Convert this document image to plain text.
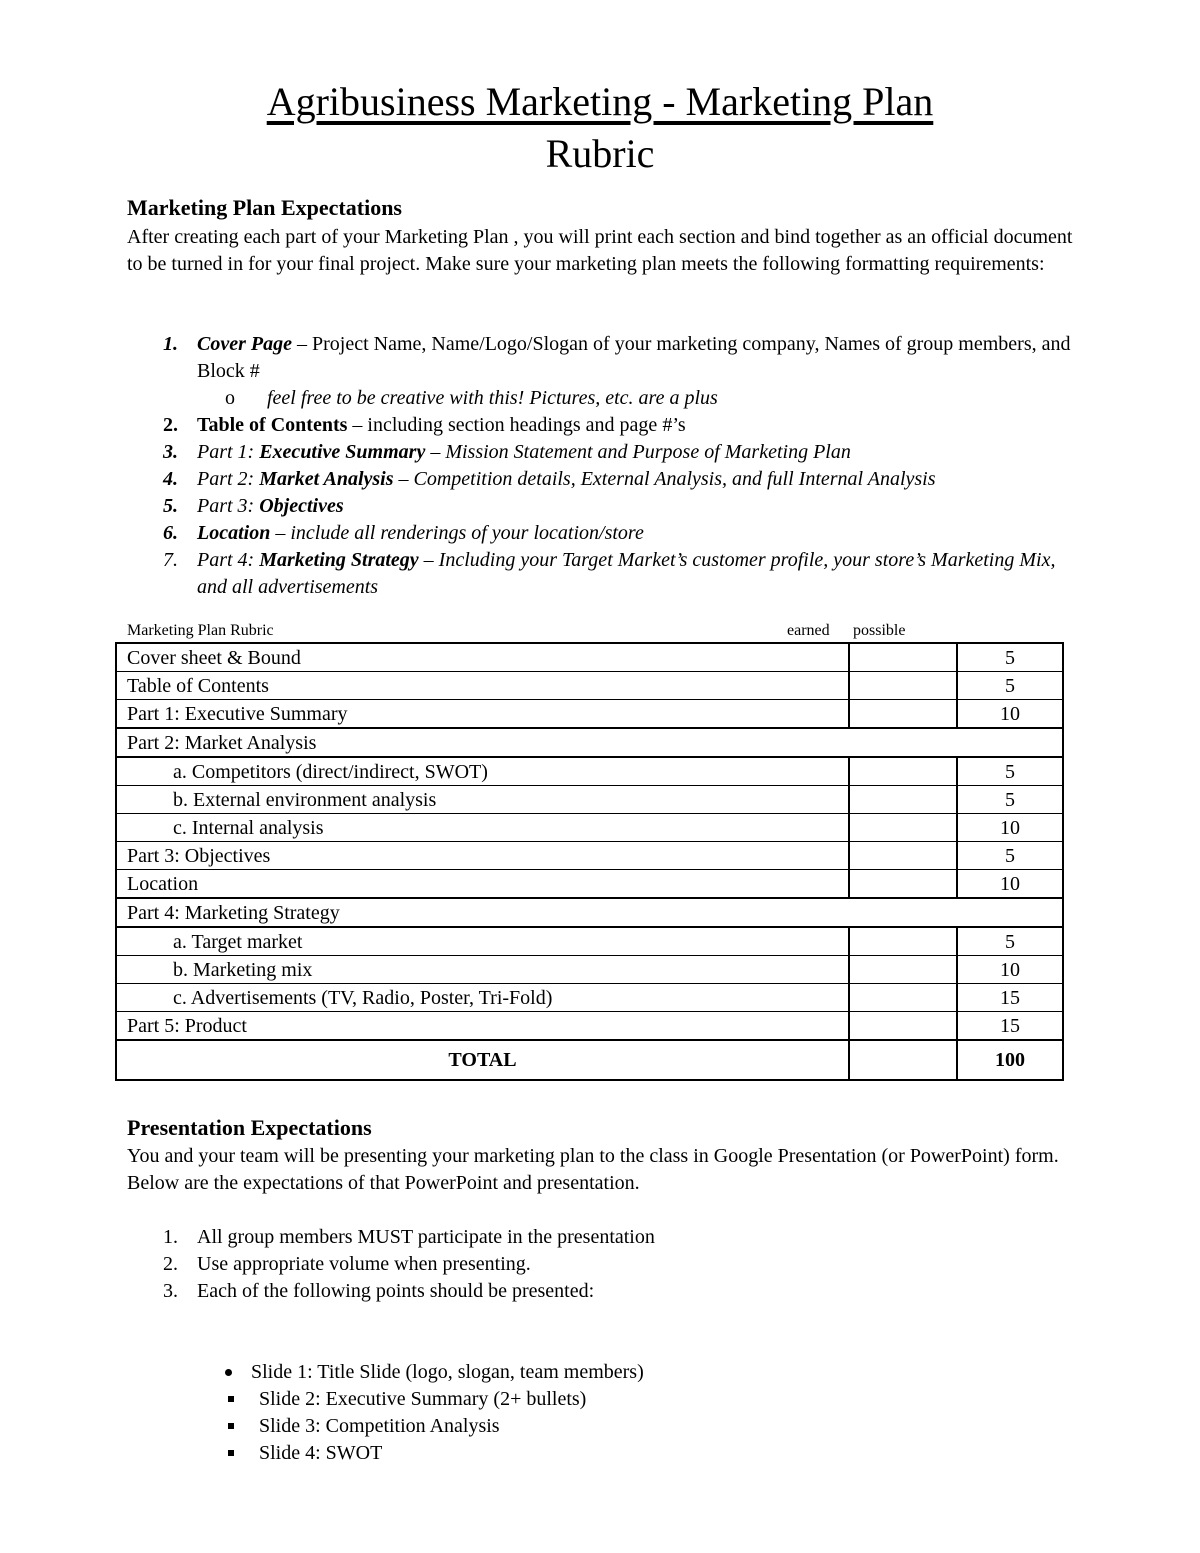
Agribusiness Marketing - Marketing Plan
Rubric
Marketing Plan Expectations
After creating each part of your Marketing Plan , you will print each section and bind together as an official document to be turned in for your final project. Make sure your marketing plan meets the following formatting requirements:
1. Cover Page – Project Name, Name/Logo/Slogan of your marketing company, Names of group members, and Block #
o feel free to be creative with this! Pictures, etc. are a plus
2. Table of Contents – including section headings and page #’s
3. Part 1: Executive Summary – Mission Statement and Purpose of Marketing Plan
4. Part 2: Market Analysis – Competition details, External Analysis, and full Internal Analysis
5. Part 3: Objectives
6. Location – include all renderings of your location/store
7. Part 4: Marketing Strategy – Including your Target Market’s customer profile, your store’s Marketing Mix, and all advertisements
Marketing Plan Rubric	earned possible
Cover sheet & Bound		5
Table of Contents		5
Part 1: Executive Summary		10
Part 2: Market Analysis		
a. Competitors (direct/indirect, SWOT)		5
b. External environment analysis		5
c. Internal analysis		10
Part 3: Objectives		5
Location		10
Part 4: Marketing Strategy		
a. Target market		5
b. Marketing mix		10
c. Advertisements (TV, Radio, Poster, Tri-Fold)		15
Part 5: Product		15
TOTAL		100
Presentation Expectations
You and your team will be presenting your marketing plan to the class in Google Presentation (or PowerPoint) form. Below are the expectations of that PowerPoint and presentation.
1. All group members MUST participate in the presentation
2. Use appropriate volume when presenting.
3. Each of the following points should be presented:
Slide 1: Title Slide (logo, slogan, team members)
Slide 2: Executive Summary (2+ bullets)
Slide 3: Competition Analysis
Slide 4: SWOT
